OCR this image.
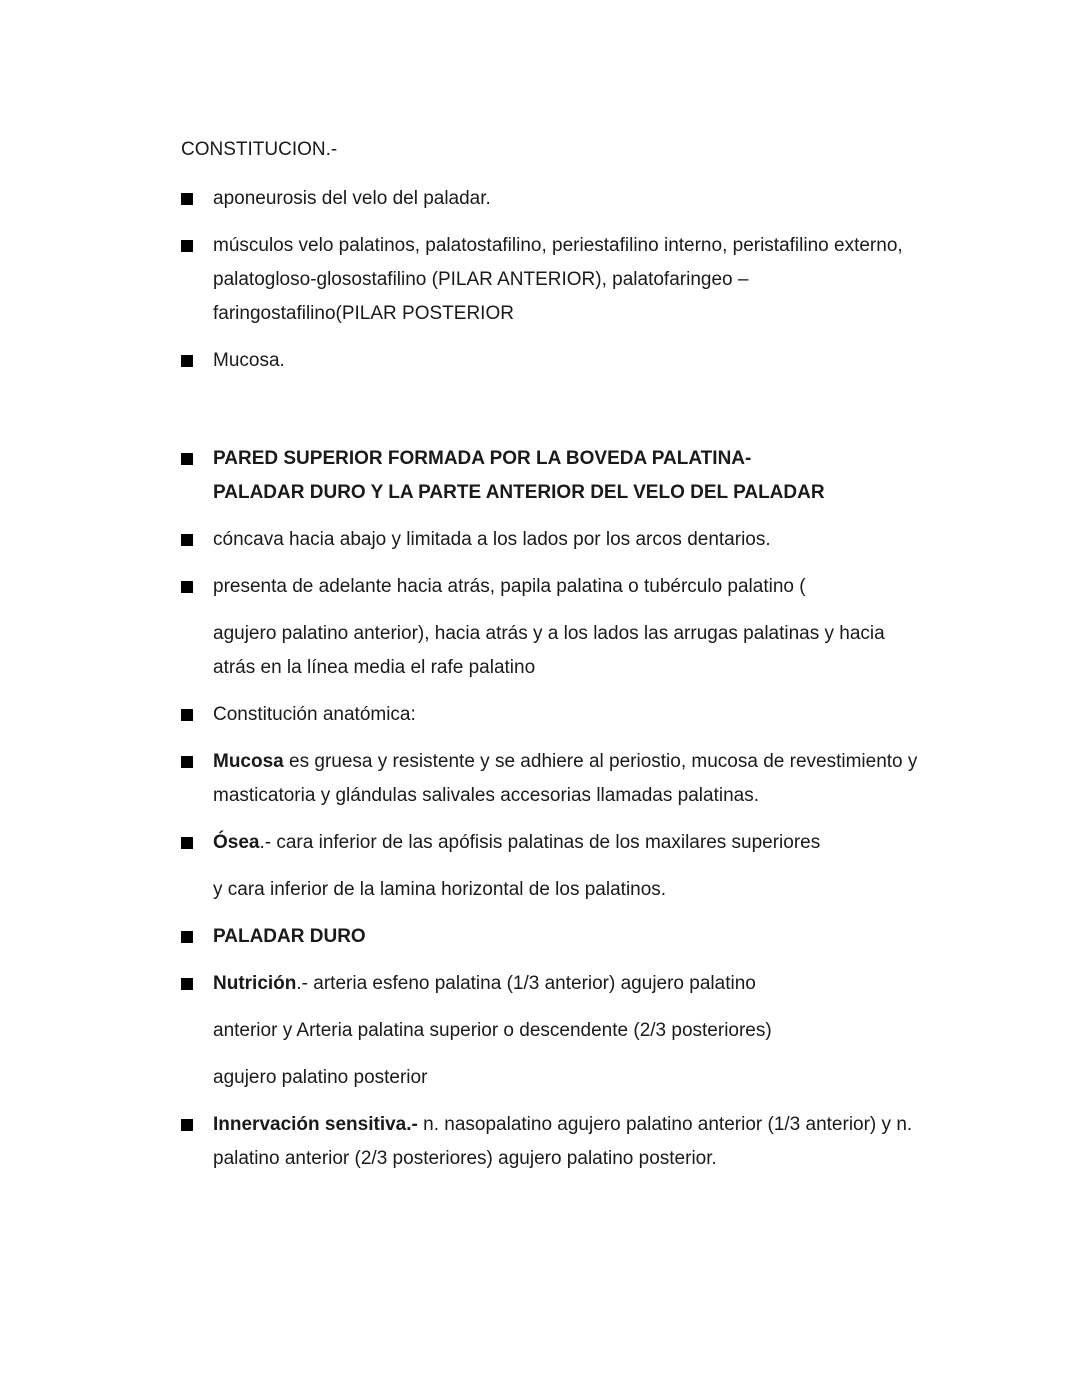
CONSTITUCION.-
aponeurosis del velo del paladar.
músculos velo palatinos, palatostafilino, periestafilino interno, peristafilino externo, palatogloso-glosostafilino (PILAR ANTERIOR), palatofaringeo –faringostafilino(PILAR POSTERIOR
Mucosa.
PARED SUPERIOR FORMADA POR LA BOVEDA PALATINA-
PALADAR DURO Y LA PARTE ANTERIOR DEL VELO DEL PALADAR
cóncava hacia abajo y limitada a los lados por los arcos dentarios.
presenta de adelante hacia atrás, papila palatina o tubérculo palatino (
agujero palatino anterior), hacia atrás y a los lados las arrugas palatinas y hacia atrás en la línea media el rafe palatino
Constitución anatómica:
Mucosa es gruesa y resistente y se adhiere al periostio, mucosa de revestimiento y masticatoria y glándulas salivales accesorias llamadas palatinas.
Ósea.- cara inferior de las apófisis palatinas de los maxilares superiores
y cara inferior de la lamina horizontal de los palatinos.
PALADAR DURO
Nutrición.- arteria esfeno palatina (1/3 anterior) agujero palatino
anterior y Arteria palatina superior o descendente (2/3 posteriores)
agujero palatino posterior
Innervación sensitiva.- n. nasopalatino agujero palatino anterior (1/3 anterior) y n. palatino anterior (2/3 posteriores) agujero palatino posterior.
